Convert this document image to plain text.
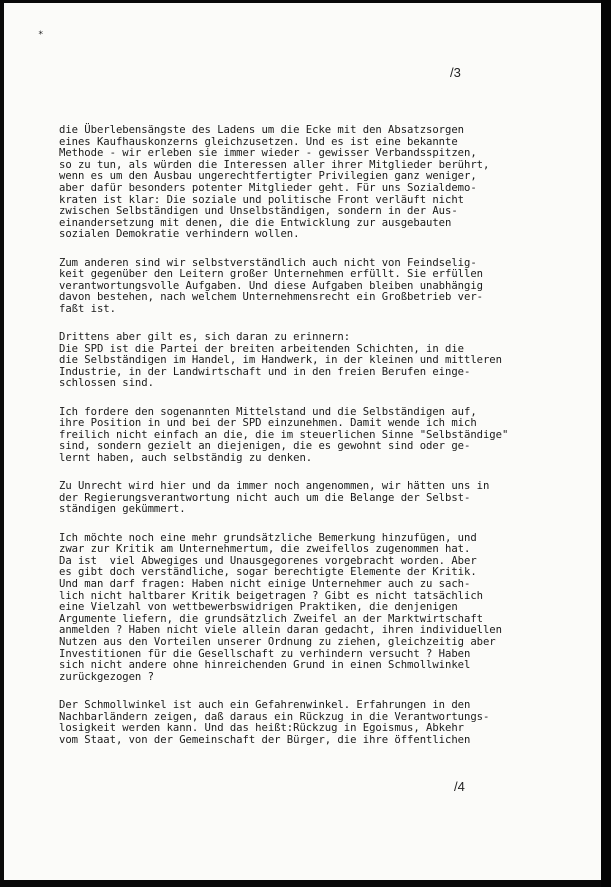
*
/3
die Überlebensängste des Ladens um die Ecke mit den Absatzsorgen
eines Kaufhauskonzerns gleichzusetzen. Und es ist eine bekannte
Methode - wir erleben sie immer wieder - gewisser Verbandsspitzen,
so zu tun, als würden die Interessen aller ihrer Mitglieder berührt,
wenn es um den Ausbau ungerechtfertigter Privilegien ganz weniger,
aber dafür besonders potenter Mitglieder geht. Für uns Sozialdemo-
kraten ist klar: Die soziale und politische Front verläuft nicht
zwischen Selbständigen und Unselbständigen, sondern in der Aus-
einandersetzung mit denen, die die Entwicklung zur ausgebauten
sozialen Demokratie verhindern wollen.
Zum anderen sind wir selbstverständlich auch nicht von Feindselig-
keit gegenüber den Leitern großer Unternehmen erfüllt. Sie erfüllen
verantwortungsvolle Aufgaben. Und diese Aufgaben bleiben unabhängig
davon bestehen, nach welchem Unternehmensrecht ein Großbetrieb ver-
faßt ist.
Drittens aber gilt es, sich daran zu erinnern:
Die SPD ist die Partei der breiten arbeitenden Schichten, in die
die Selbständigen im Handel, im Handwerk, in der kleinen und mittleren
Industrie, in der Landwirtschaft und in den freien Berufen einge-
schlossen sind.
Ich fordere den sogenannten Mittelstand und die Selbständigen auf,
ihre Position in und bei der SPD einzunehmen. Damit wende ich mich
freilich nicht einfach an die, die im steuerlichen Sinne "Selbständige"
sind, sondern gezielt an diejenigen, die es gewohnt sind oder ge-
lernt haben, auch selbständig zu denken.
Zu Unrecht wird hier und da immer noch angenommen, wir hätten uns in
der Regierungsverantwortung nicht auch um die Belange der Selbst-
ständigen gekümmert.
Ich möchte noch eine mehr grundsätzliche Bemerkung hinzufügen, und
zwar zur Kritik am Unternehmertum, die zweifellos zugenommen hat.
Da ist  viel Abwegiges und Unausgegorenes vorgebracht worden. Aber
es gibt doch verständliche, sogar berechtigte Elemente der Kritik.
Und man darf fragen: Haben nicht einige Unternehmer auch zu sach-
lich nicht haltbarer Kritik beigetragen ? Gibt es nicht tatsächlich
eine Vielzahl von wettbewerbswidrigen Praktiken, die denjenigen
Argumente liefern, die grundsätzlich Zweifel an der Marktwirtschaft
anmelden ? Haben nicht viele allein daran gedacht, ihren individuellen
Nutzen aus den Vorteilen unserer Ordnung zu ziehen, gleichzeitig aber
Investitionen für die Gesellschaft zu verhindern versucht ? Haben
sich nicht andere ohne hinreichenden Grund in einen Schmollwinkel
zurückgezogen ?
Der Schmollwinkel ist auch ein Gefahrenwinkel. Erfahrungen in den
Nachbarländern zeigen, daß daraus ein Rückzug in die Verantwortungs-
losigkeit werden kann. Und das heißt:Rückzug in Egoismus, Abkehr
vom Staat, von der Gemeinschaft der Bürger, die ihre öffentlichen
/4
